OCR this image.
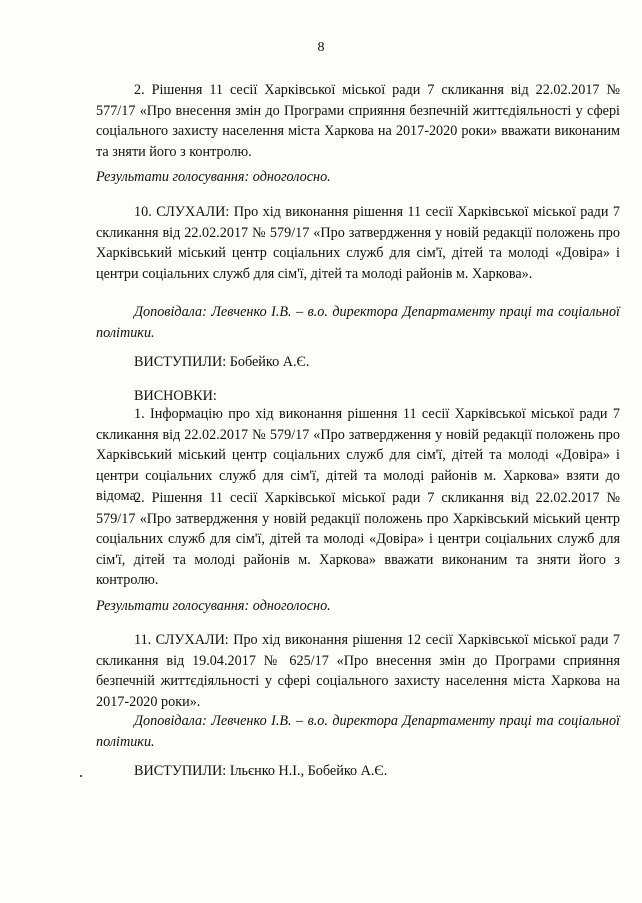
8

2. Рішення 11 сесії Харківської міської ради 7 скликання від 22.02.2017 № 577/17 «Про внесення змін до Програми сприяння безпечній життєдіяльності у сфері соціального захисту населення міста Харкова на 2017-2020 роки» вважати виконаним та зняти його з контролю.

Результати голосування: одноголосно.

10. СЛУХАЛИ: Про хід виконання рішення 11 сесії Харківської міської ради 7 скликання від 22.02.2017 № 579/17 «Про затвердження у новій редакції положень про Харківський міський центр соціальних служб для сім'ї, дітей та молоді «Довіра» і центри соціальних служб для сім'ї, дітей та молоді районів м. Харкова».

Доповідала: Левченко І.В. – в.о. директора Департаменту праці та соціальної політики.

ВИСТУПИЛИ: Бобейко А.Є.

ВИСНОВКИ:

1. Інформацію про хід виконання рішення 11 сесії Харківської міської ради 7 скликання від 22.02.2017 № 579/17 «Про затвердження у новій редакції положень про Харківський міський центр соціальних служб для сім'ї, дітей та молоді «Довіра» і центри соціальних служб для сім'ї, дітей та молоді районів м. Харкова» взяти до відома.

2. Рішення 11 сесії Харківської міської ради 7 скликання від 22.02.2017 № 579/17 «Про затвердження у новій редакції положень про Харківський міський центр соціальних служб для сім'ї, дітей та молоді «Довіра» і центри соціальних служб для сім'ї, дітей та молоді районів м. Харкова» вважати виконаним та зняти його з контролю.

Результати голосування: одноголосно.

11. СЛУХАЛИ: Про хід виконання рішення 12 сесії Харківської міської ради 7 скликання від 19.04.2017 № 625/17 «Про внесення змін до Програми сприяння безпечній життєдіяльності у сфері соціального захисту населення міста Харкова на 2017-2020 роки».

Доповідала: Левченко І.В. – в.о. директора Департаменту праці та соціальної політики.

ВИСТУПИЛИ: Ільєнко Н.І., Бобейко А.Є.
